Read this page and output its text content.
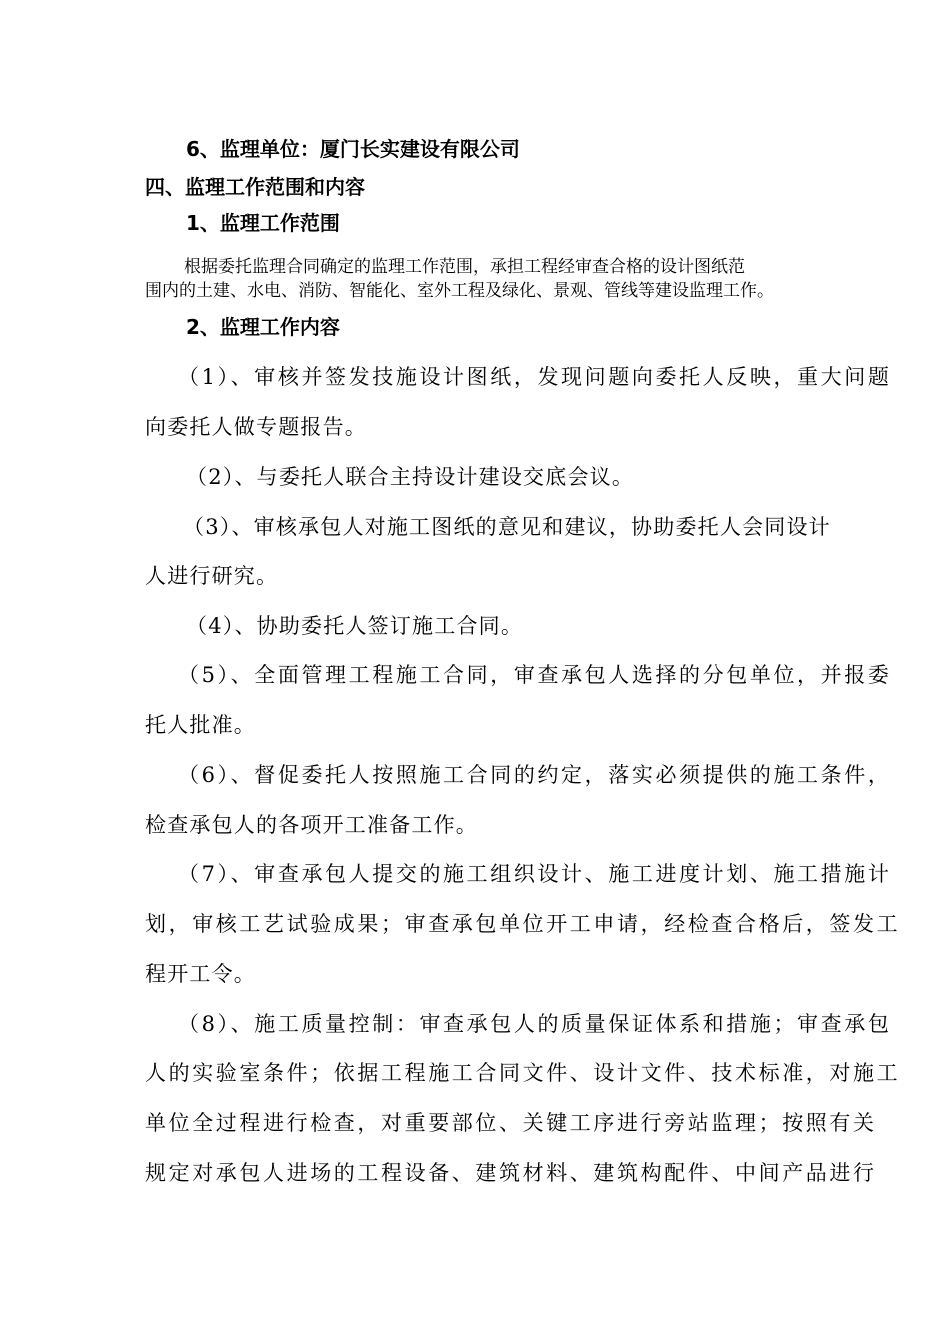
6、监理单位：厦门长实建设有限公司
四、监理工作范围和内容
1、监理工作范围
根据委托监理合同确定的监理工作范围，承担工程经审查合格的设计图纸范
围内的土建、水电、消防、智能化、室外工程及绿化、景观、管线等建设监理工作。
2、监理工作内容
（1）、审核并签发技施设计图纸，发现问题向委托人反映，重大问题
向委托人做专题报告。
（2）、与委托人联合主持设计建设交底会议。
（3）、审核承包人对施工图纸的意见和建议，协助委托人会同设计
人进行研究。
（4）、协助委托人签订施工合同。
（5）、全面管理工程施工合同，审查承包人选择的分包单位，并报委
托人批准。
（6）、督促委托人按照施工合同的约定，落实必须提供的施工条件，
检查承包人的各项开工准备工作。
（7）、审查承包人提交的施工组织设计、施工进度计划、施工措施计
划，审核工艺试验成果；审查承包单位开工申请，经检查合格后，签发工
程开工令。
（8）、施工质量控制：审查承包人的质量保证体系和措施；审查承包
人的实验室条件；依据工程施工合同文件、设计文件、技术标准，对施工
单位全过程进行检查，对重要部位、关键工序进行旁站监理；按照有关
规定对承包人进场的工程设备、建筑材料、建筑构配件、中间产品进行
